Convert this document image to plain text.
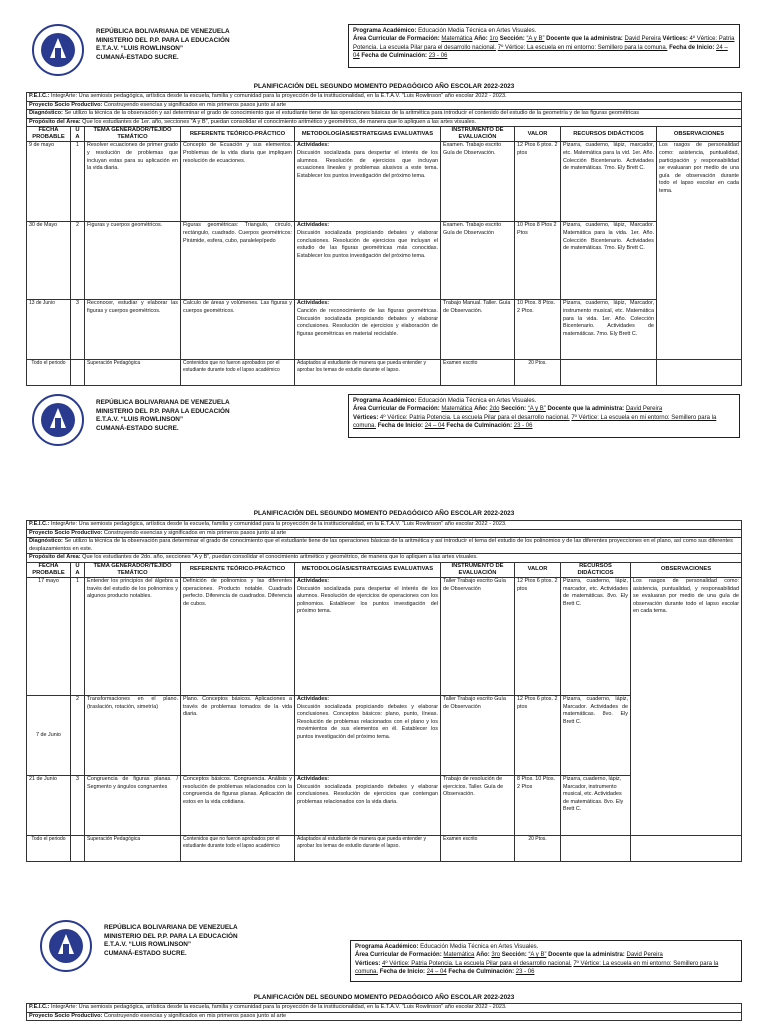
REPÚBLICA BOLIVARIANA DE VENEZUELA
MINISTERIO DEL P.P. PARA LA EDUCACIÓN
E.T.A.V. “LUIS ROWLINSON”
CUMANÁ-ESTADO SUCRE.
Programa Académico: Educación Media Técnica en Artes Visuales.
Área Curricular de Formación: Matemática Año: 1ro Sección: “A y B” Docente que la administra: David Pereira Vértices: 4º Vértice: Patria Potencia. La escuela Pilar para el desarrollo nacional. 7º Vértice: La escuela en mi entorno: Semillero para la comuna. Fecha de Inicio: 24 – 04 Fecha de Culminación: 23 - 06
PLANIFICACIÓN DEL SEGUNDO MOMENTO PEDAGÓGICO AÑO ESCOLAR 2022-2023
P.E.I.C.: IntegrArte: Una semiosis pedagógica, artística desde la escuela, familia y comunidad para la proyección de la institucionalidad, en la E.T.A.V. “Luis Rowlinson” año escolar 2022 - 2023.								
Proyecto Socio Productivo: Construyendo esencias y significados en mis primeros pasos junto al arte								
Diagnóstico: Se utilizo la técnica de la observación y así determinar el grado de conocimiento que el estudiante tiene de las operaciones básicas de la aritmética para introducir el contenido del estudio de la geometría y de las figuras geométricas								
Propósito del Área: Que los estudiantes de 1er. año, secciones “A y B”, puedan consolidar el conocimiento aritmético y geométrico, de manera que lo apliquen a las artes visuales.								
FECHA PROBABLE	U A	TEMA GENERADOR/TEJIDO TEMÁTICO	REFERENTE TEÓRICO-PRÁCTICO	METODOLOGÍAS/ESTRATEGIAS EVALUATIVAS	INSTRUMENTO DE EVALUACIÓN	VALOR	RECURSOS DIDÁCTICOS	OBSERVACIONES
9 de mayo	1	Resolver ecuaciones de primer grado y resolución de problemas que incluyan estas para su aplicación en la vida diaria.	Concepto de Ecuación y sus elementos. Problemas de la vida diaria que impliquen resolución de ecuaciones.	Actividades:
Discusión socializada para despertar el interés de los alumnos. Resolución de ejercicios que incluyan ecuaciones lineales y problemas alusivos a este tema. Establecer los puntos investigación del próximo tema.	Examen. Trabajo escrito Guía de Observación.	12 Ptos 6 ptos. 2 ptos	Pizarra, cuaderno, lápiz, marcador, etc. Matemática para la vid. 1er. Año. Colección Bicentenario. Actividades de matemáticas. 7mo. Ely Brett C.	Los rasgos de personalidad como: asistencia, puntualidad, participación y responsabilidad se evaluaran por medio de una guía de observación durante todo el lapso escolar en cada tema.
30 de Mayo	2	Figuras y cuerpos geométricos.	Figuras geométricas: Triangulo, circulo, rectángulo, cuadrado. Cuerpos geométricos: Pirámide, esfera, cubo, paralelepípedo	Actividades:
Discusión socializada propiciando debates y elaborar conclusiones. Resolución de ejercicios que incluyan el estudio de las figuras geométricas más conocidas. Establecer los puntos investigación del próximo tema.	Examen. Trabajo escrito Guía de Observación	10 Ptos 8 Ptos 2 Ptos	Pizarra, cuaderno, lápiz, Marcador. Matemática para la vida. 1er. Año. Colección Bicentenario. Actividades de matemáticas. 7mo. Ely Brett C.	
13 de Junio	3	Reconocer, estudiar y elaborar las figuras y cuerpos geométricos.	Calculo de áreas y volúmenes. Las figuras y cuerpos geométricos.	Actividades:
Canción de reconocimiento de las figuras geométricas. Discusión socializada propiciando debates y elaborar conclusiones. Resolución de ejercicios y elaboración de figuras geométricas en material reciclable.	Trabajo Manual. Taller. Guía de Observación.	10 Ptos. 8 Ptos. 2 Ptos.	Pizarra, cuaderno, lápiz, Marcador, instrumento musical, etc. Matemática para la vida. 1er. Año. Colección Bicentenario. Actividades de matemáticas. 7mo. Ely Brett C.	
Todo el periodo		Superación Pedagógica	Contenidos que no fueron aprobados por el estudiante durante todo el lapso académico	Adaptados al estudiante de manera que pueda entender y aprobar los temas de estudio durante el lapso.	Examen escrito	20 Ptos.		
REPÚBLICA BOLIVARIANA DE VENEZUELA
MINISTERIO DEL P.P. PARA LA EDUCACIÓN
E.T.A.V. “LUIS ROWLINSON”
CUMANÁ-ESTADO SUCRE.
Programa Académico: Educación Media Técnica en Artes Visuales.
Área Curricular de Formación: Matemática Año: 2do Sección: “A y B” Docente que la administra: David Pereira
Vértices: 4º Vértice: Patria Potencia. La escuela Pilar para el desarrollo nacional. 7º Vértice: La escuela en mi entorno: Semillero para la comuna. Fecha de Inicio: 24 – 04 Fecha de Culminación: 23 - 06
PLANIFICACIÓN DEL SEGUNDO MOMENTO PEDAGÓGICO AÑO ESCOLAR 2022-2023
P.E.I.C.: IntegrArte: Una semiosis pedagógica, artística desde la escuela, familia y comunidad para la proyección de la institucionalidad, en la E.T.A.V. “Luis Rowlinson” año escolar 2022 - 2023.								
Proyecto Socio Productivo: Construyendo esencias y significados en mis primeros pasos junto al arte								
Diagnóstico: Se utilizo la técnica de la observación para determinar el grado de conocimiento que el estudiante tiene de las operaciones básicas de la aritmética y así introducir el tema del estudio de los polinomios y de las diferentes proyecciones en el plano, así como sus diferentes desplazamientos en este.								
Propósito del Área: Que los estudiantes de 2do. año, secciones “A y B”, puedan consolidar el conocimiento aritmético y geométrico, de manera que lo apliquen a las artes visuales.								
FECHA PROBABLE	U A	TEMA GENERADOR/TEJIDO TEMÁTICO	REFERENTE TEÓRICO-PRÁCTICO	METODOLOGÍAS/ESTRATEGIAS EVALUATIVAS	INSTRUMENTO DE EVALUACIÓN	VALOR	RECURSOS DIDÁCTICOS	OBSERVACIONES
17 mayo	1	Entender los principios del álgebra a través del estudio de los polinomios y algunos producto notables.	Definición de polinomios y las diferentes operaciones. Producto notable. Cuadrado perfecto. Diferencia de cuadrados. Diferencia de cubos.	Actividades:
Discusión socializada para despertar el interés de los alumnos. Resolución de ejercicios de operaciones con los polinomios. Establecer los puntos investigación del próximo tema.	Taller Trabajo escrito Guía de Observación	12 Ptos 6 ptos. 2 ptos	Pizarra, cuaderno, lápiz, marcador, etc. Actividades de matemáticas. 8vo. Ely Brett C.	Los rasgos de personalidad como: asistencia, puntualidad, y responsabilidad se evaluaran por medio de una guía de observación durante todo el lapso escolar en cada tema.
7 de Junio	2	Transformaciones en el plano. (traslación, rotación, simetría)	Plano. Conceptos básicos. Aplicaciones a través de problemas tomados de la vida diaria.	Actividades:
Discusión socializada propiciando debates y elaborar conclusiones. Conceptos básicos: plano, punto, líneas. Resolución de problemas relacionados con el plano y los movimientos de sus elementos en él. Establecer los puntos investigación del próximo tema.	Taller Trabajo escrito Guía de Observación	12 Ptos 6 ptos. 2 ptos	Pizarra, cuaderno, lápiz, Marcador. Actividades de matemáticas. 8vo. Ely Brett C.	
21 de Junio	3	Congruencia de figuras planas. / Segmento y ángulos congruentes	Conceptos básicos. Congruencia. Análisis y resolución de problemas relacionados con la congruencia de figuras planas. Aplicación de estos en la vida cotidiana.	Actividades:
Discusión socializada propiciando debates y elaborar conclusiones. Resolución de ejercicios que contengan problemas relacionados con la vida diaria.	Trabajo de resolución de ejercicios. Taller. Guía de Observación.	8 Ptos. 10 Ptos. 2 Ptos	Pizarra, cuaderno, lápiz, Marcador, instrumento musical, etc. Actividades de matemáticas. 8vo. Ely Brett C.	
Todo el periodo		Superación Pedagógica	Contenidos que no fueron aprobados por el estudiante durante todo el lapso académico	Adaptados al estudiante de manera que pueda entender y aprobar los temas de estudio durante el lapso.	Examen escrito	20 Ptos.		
REPÚBLICA BOLIVARIANA DE VENEZUELA
MINISTERIO DEL P.P. PARA LA EDUCACIÓN
E.T.A.V. “LUIS ROWLINSON”
CUMANÁ-ESTADO SUCRE.
Programa Académico: Educación Media Técnica en Artes Visuales.
Área Curricular de Formación: Matemática Año: 3ro Sección: “A y B” Docente que la administra: David Pereira
Vértices: 4º Vértice: Patria Potencia. La escuela Pilar para el desarrollo nacional. 7º Vértice: La escuela en mi entorno: Semillero para la comuna. Fecha de Inicio: 24 – 04 Fecha de Culminación: 23 - 06
PLANIFICACIÓN DEL SEGUNDO MOMENTO PEDAGÓGICO AÑO ESCOLAR 2022-2023
P.E.I.C.: IntegrArte: Una semiosis pedagógica, artística desde la escuela, familia y comunidad para la proyección de la institucionalidad, en la E.T.A.V. “Luis Rowlinson” año escolar 2022 - 2023.
Proyecto Socio Productivo: Construyendo esencias y significados en mis primeros pasos junto al arte
